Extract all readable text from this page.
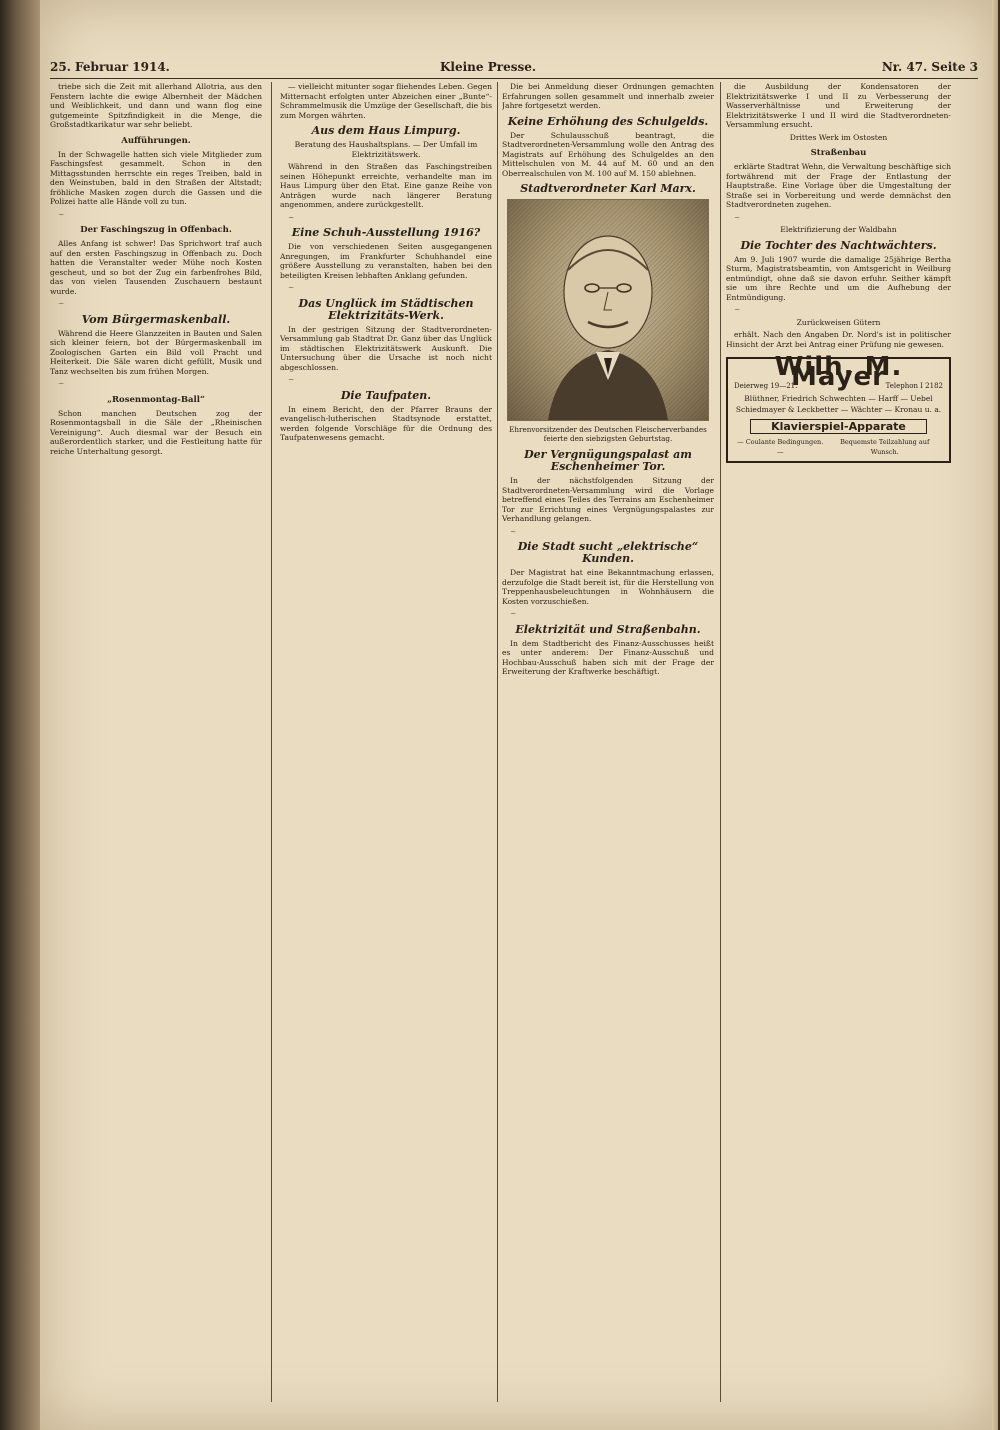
25. Februar 1914.	Kleine Presse.	Nr. 47. Seite 3

triebe sich die Zeit mit allerhand Allotria, aus den Fenstern lachte die ewige Albernheit der Mädchen und Weiblichkeit, und dann und wann flog eine gutgemeinte Spitzfindigkeit in die Menge, die Großstadtkarikatur war sehr beliebt.

Aufführungen.

In der Schwagelle hatten sich viele Mitglieder zum Faschingsfest gesammelt. Schon in den Mittagsstunden herrschte ein reges Treiben, bald in den Weinstuben, bald in den Straßen der Altstadt; fröhliche Masken zogen durch die Gassen und die Polizei hatte alle Hände voll zu tun.

~

Der Faschingszug in Offenbach.

Alles Anfang ist schwer! Das Sprichwort traf auch auf den ersten Faschingszug in Offenbach zu. Doch hatten die Veranstalter weder Mühe noch Kosten gescheut, und so bot der Zug ein farbenfrohes Bild, das von vielen Tausenden Zuschauern bestaunt wurde.

~

Vom Bürgermaskenball.

Während die Heere Glanzzeiten in Bauten und Salen sich kleiner feiern, bot der Bürgermaskenball im Zoologischen Garten ein Bild voll Pracht und Heiterkeit. Die Säle waren dicht gefüllt, Musik und Tanz wechselten bis zum frühen Morgen.

~

„Rosenmontag-Ball“

Schon manchen Deutschen zog der Rosenmontagsball in die Säle der „Rheinischen Vereinigung“. Auch diesmal war der Besuch ein außerordentlich starker, und die Festleitung hatte für reiche Unterhaltung gesorgt.

— vielleicht mitunter sogar fliehendes Leben. Gegen Mitternacht erfolgten unter Abzeichen einer „Bunte“-Schrammelmusik die Umzüge der Gesellschaft, die bis zum Morgen währten.

Aus dem Haus Limpurg.
Beratung des Haushaltsplans. — Der Umfall im Elektrizitätswerk.

Während in den Straßen das Faschingstreiben seinen Höhepunkt erreichte, verhandelte man im Haus Limpurg über den Etat. Eine ganze Reihe von Anträgen wurde nach längerer Beratung angenommen, andere zurückgestellt.

~

Eine Schuh-Ausstellung 1916?

Die von verschiedenen Seiten ausgegangenen Anregungen, im Frankfurter Schuhhandel eine größere Ausstellung zu veranstalten, haben bei den beteiligten Kreisen lebhaften Anklang gefunden.

~

Das Unglück im Städtischen Elektrizitäts-Werk.

In der gestrigen Sitzung der Stadtverordneten-Versammlung gab Stadtrat Dr. Ganz über das Unglück im städtischen Elektrizitätswerk Auskunft. Die Untersuchung über die Ursache ist noch nicht abgeschlossen.

~

Die Taufpaten.

In einem Bericht, den der Pfarrer Brauns der evangelisch-lutherischen Stadtsynode erstattet, werden folgende Vorschläge für die Ordnung des Taufpatenwesens gemacht.

Die bei Anmeldung dieser Ordnungen gemachten Erfahrungen sollen gesammelt und innerhalb zweier Jahre fortgesetzt werden.

Keine Erhöhung des Schulgelds.

Der Schulausschuß beantragt, die Stadtverordneten-Versammlung wolle den Antrag des Magistrats auf Erhöhung des Schulgeldes an den Mittelschulen von M. 44 auf M. 60 und an den Oberrealschulen von M. 100 auf M. 150 ablehnen.

Stadtverordneter Karl Marx.
Ehrenvorsitzender des Deutschen Fleischerverbandes feierte den siebzigsten Geburtstag.
Der Vergnügungspalast am Eschenheimer Tor.

In der nächstfolgenden Sitzung der Stadtverordneten-Versammlung wird die Vorlage betreffend eines Teiles des Terrains am Eschenheimer Tor zur Errichtung eines Vergnügungspalastes zur Verhandlung gelangen.

~

Die Stadt sucht „elektrische“ Kunden.

Der Magistrat hat eine Bekanntmachung erlassen, derzufolge die Stadt bereit ist, für die Herstellung von Treppenhausbeleuchtungen in Wohnhäusern die Kosten vorzuschießen.

~

Elektrizität und Straßenbahn.

In dem Stadtbericht des Finanz-Ausschusses heißt es unter anderem: Der Finanz-Ausschuß und Hochbau-Ausschuß haben sich mit der Frage der Erweiterung der Kraftwerke beschäftigt.

die Ausbildung der Kondensatoren der Elektrizitätswerke I und II zu Verbesserung der Wasserverhältnisse und Erweiterung der Elektrizitätswerke I und II wird die Stadtverordneten-Versammlung ersucht.

Drittes Werk im Ostosten
Straßenbau

erklärte Stadtrat Wehn, die Verwaltung beschäftige sich fortwährend mit der Frage der Entlastung der Hauptstraße. Eine Vorlage über die Umgestaltung der Straße sei in Vorbereitung und werde demnächst den Stadtverordneten zugehen.

~

Elektrifizierung der Waldbahn
Die Tochter des Nachtwächters.

Am 9. Juli 1907 wurde die damalige 25jährige Bertha Sturm, Magistratsbeamtin, von Amtsgericht in Weilburg entmündigt, ohne daß sie davon erfuhr. Seither kämpft sie um ihre Rechte und um die Aufhebung der Entmündigung.

~

Zurückweisen Gütern

erhält. Nach den Angaben Dr. Nord's ist in politischer Hinsicht der Arzt bei Antrag einer Prüfung nie gewesen.

Wilh. M. Mayer
Deierweg 19—21.	Telephon I 2182
Blüthner, Friedrich Schwechten — Harff — Uebel
Schiedmayer & Leckbetter — Wächter — Kronau u. a.
Klavierspiel-Apparate
— Coulante Bedingungen. —
Bequemste Teilzahlung auf Wunsch.
